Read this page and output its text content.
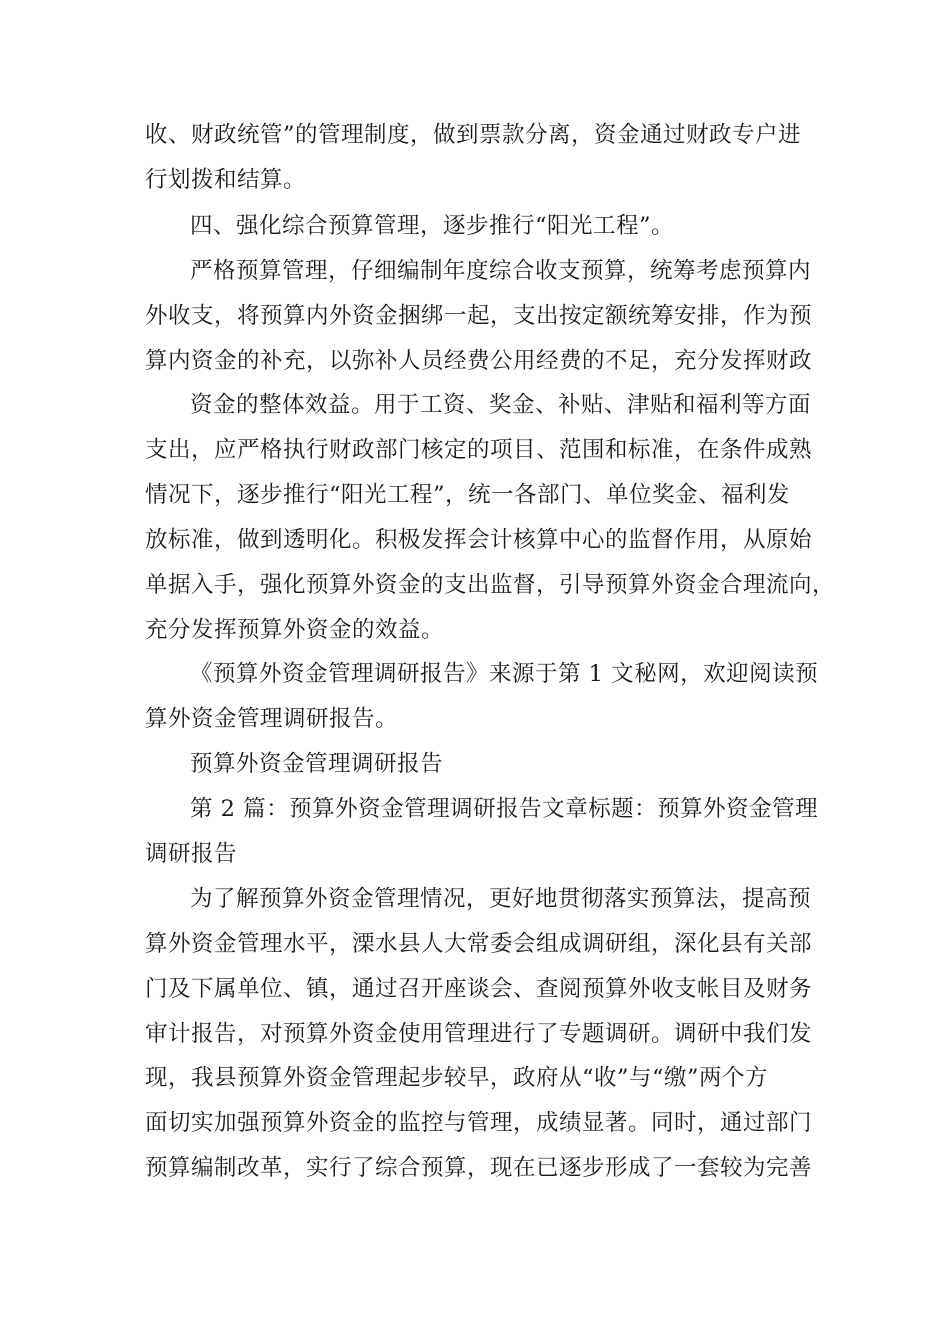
收、财政统管”的管理制度，做到票款分离，资金通过财政专户进
行划拨和结算。
四、强化综合预算管理，逐步推行“阳光工程”。
严格预算管理，仔细编制年度综合收支预算，统筹考虑预算内
外收支，将预算内外资金捆绑一起，支出按定额统筹安排，作为预
算内资金的补充，以弥补人员经费公用经费的不足，充分发挥财政
资金的整体效益。用于工资、奖金、补贴、津贴和福利等方面
支出，应严格执行财政部门核定的项目、范围和标准，在条件成熟
情况下，逐步推行“阳光工程”，统一各部门、单位奖金、福利发
放标准，做到透明化。积极发挥会计核算中心的监督作用，从原始
单据入手，强化预算外资金的支出监督，引导预算外资金合理流向，
充分发挥预算外资金的效益。
《预算外资金管理调研报告》来源于第 1 文秘网，欢迎阅读预
算外资金管理调研报告。
预算外资金管理调研报告
第 2 篇：预算外资金管理调研报告文章标题：预算外资金管理
调研报告
为了解预算外资金管理情况，更好地贯彻落实预算法，提高预
算外资金管理水平，溧水县人大常委会组成调研组，深化县有关部
门及下属单位、镇，通过召开座谈会、查阅预算外收支帐目及财务
审计报告，对预算外资金使用管理进行了专题调研。调研中我们发
现，我县预算外资金管理起步较早，政府从“收”与“缴”两个方
面切实加强预算外资金的监控与管理，成绩显著。同时，通过部门
预算编制改革，实行了综合预算，现在已逐步形成了一套较为完善
